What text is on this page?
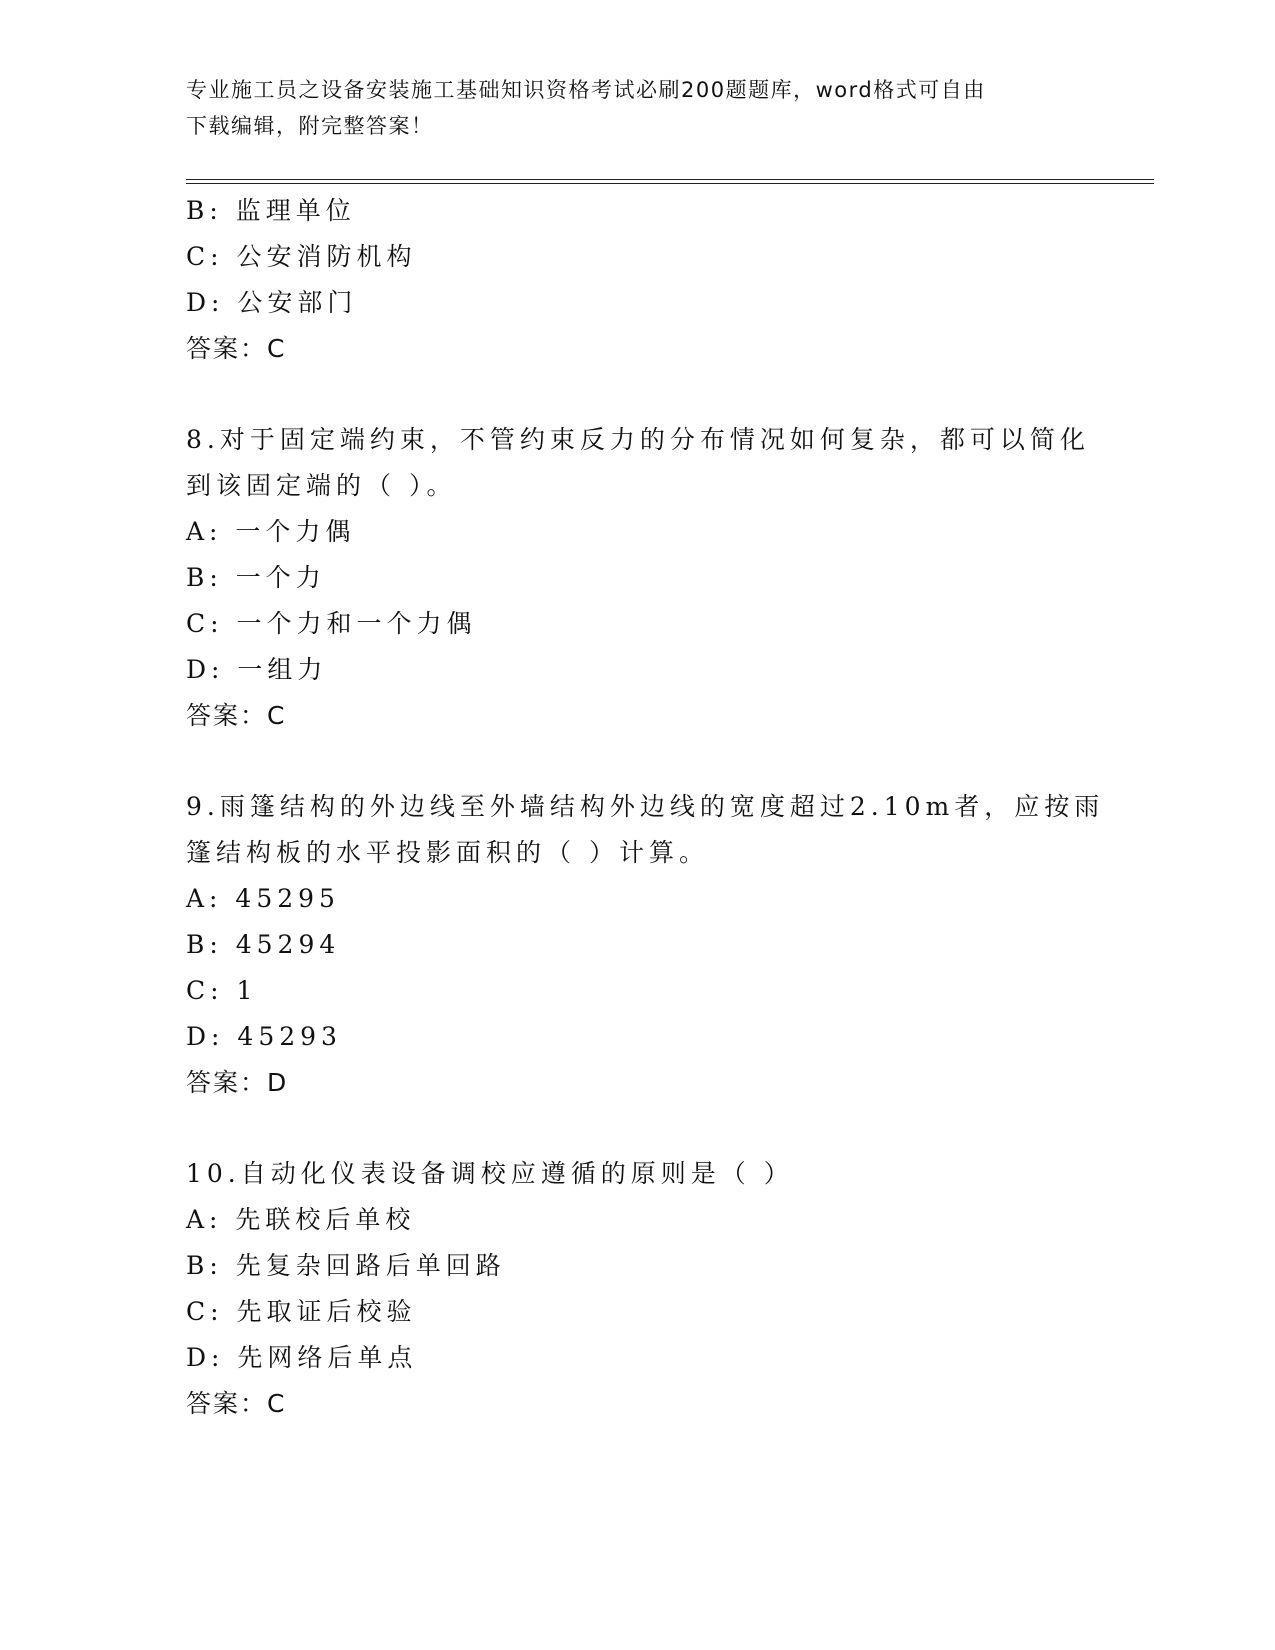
专业施工员之设备安装施工基础知识资格考试必刷200题题库，word格式可自由
下载编辑，附完整答案！
B: 监理单位
C: 公安消防机构
D: 公安部门
答案：C
8.对于固定端约束，不管约束反力的分布情况如何复杂，都可以简化
到该固定端的（ ）。
A: 一个力偶
B: 一个力
C: 一个力和一个力偶
D: 一组力
答案：C
9.雨篷结构的外边线至外墙结构外边线的宽度超过2.10m者，应按雨
篷结构板的水平投影面积的（ ）计算。
A: 45295
B: 45294
C: 1
D: 45293
答案：D
10.自动化仪表设备调校应遵循的原则是（ ）
A: 先联校后单校
B: 先复杂回路后单回路
C: 先取证后校验
D: 先网络后单点
答案：C
